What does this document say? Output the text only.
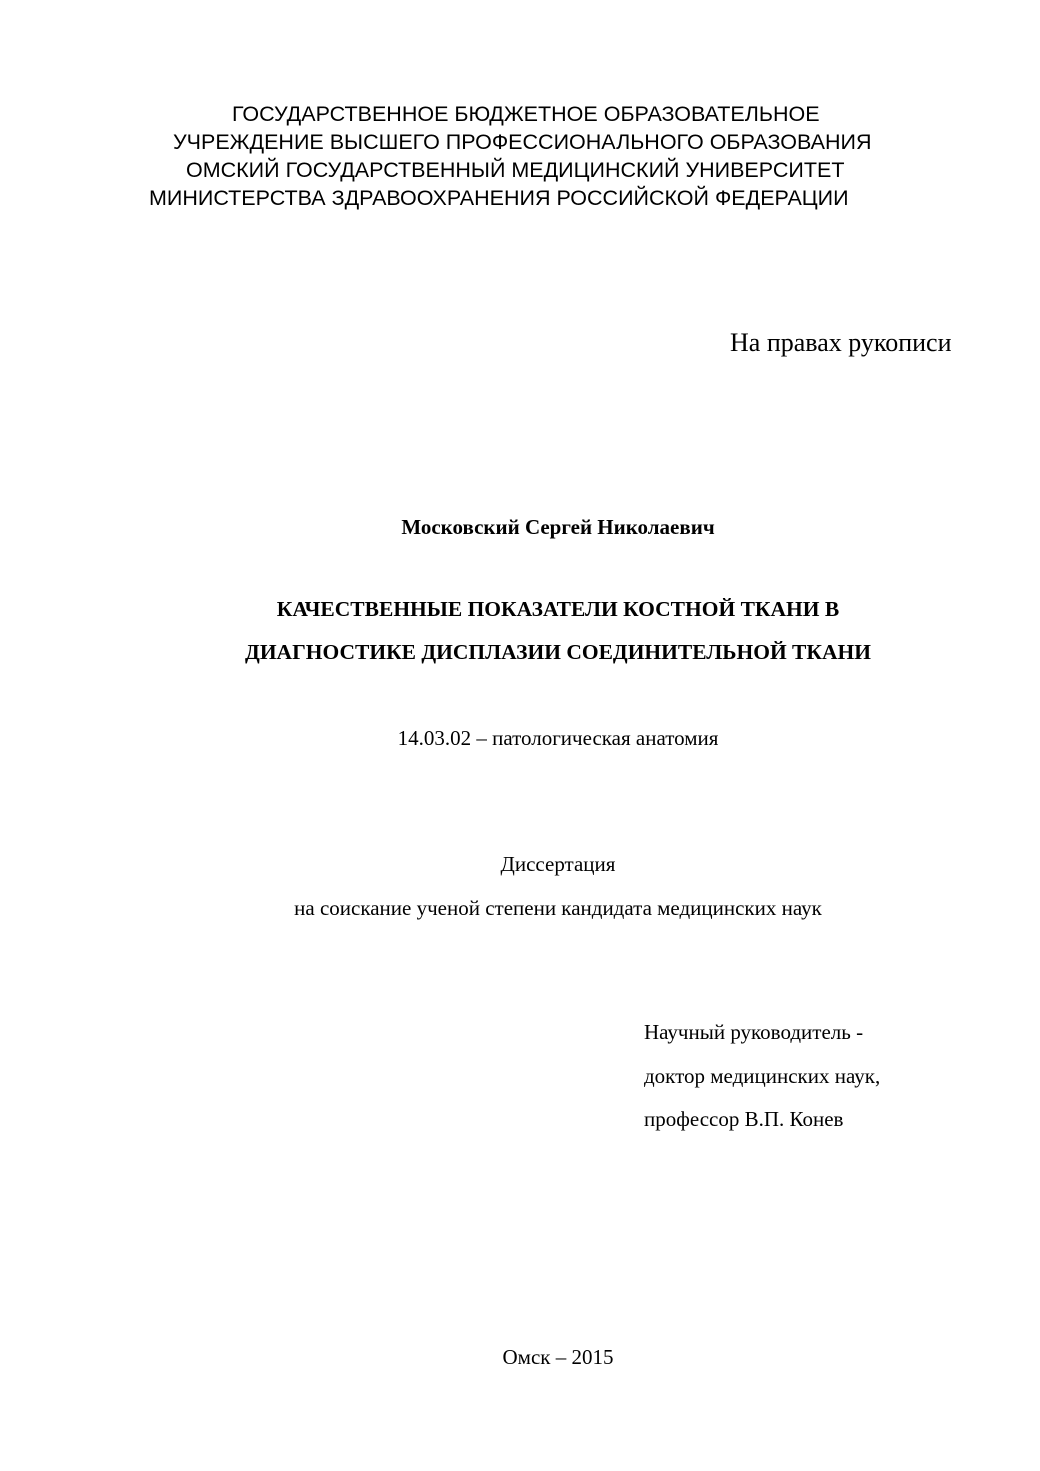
ГОСУДАРСТВЕННОЕ БЮДЖЕТНОЕ ОБРАЗОВАТЕЛЬНОЕ
УЧРЕЖДЕНИЕ ВЫСШЕГО ПРОФЕССИОНАЛЬНОГО ОБРАЗОВАНИЯ
ОМСКИЙ ГОСУДАРСТВЕННЫЙ МЕДИЦИНСКИЙ УНИВЕРСИТЕТ
МИНИСТЕРСТВА ЗДРАВООХРАНЕНИЯ РОССИЙСКОЙ ФЕДЕРАЦИИ
На правах рукописи
Московский Сергей Николаевич
КАЧЕСТВЕННЫЕ ПОКАЗАТЕЛИ КОСТНОЙ ТКАНИ В
ДИАГНОСТИКЕ ДИСПЛАЗИИ СОЕДИНИТЕЛЬНОЙ ТКАНИ
14.03.02 – патологическая анатомия
Диссертация
на соискание ученой степени кандидата медицинских наук
Научный руководитель -
доктор медицинских наук,
профессор В.П. Конев
Омск – 2015
